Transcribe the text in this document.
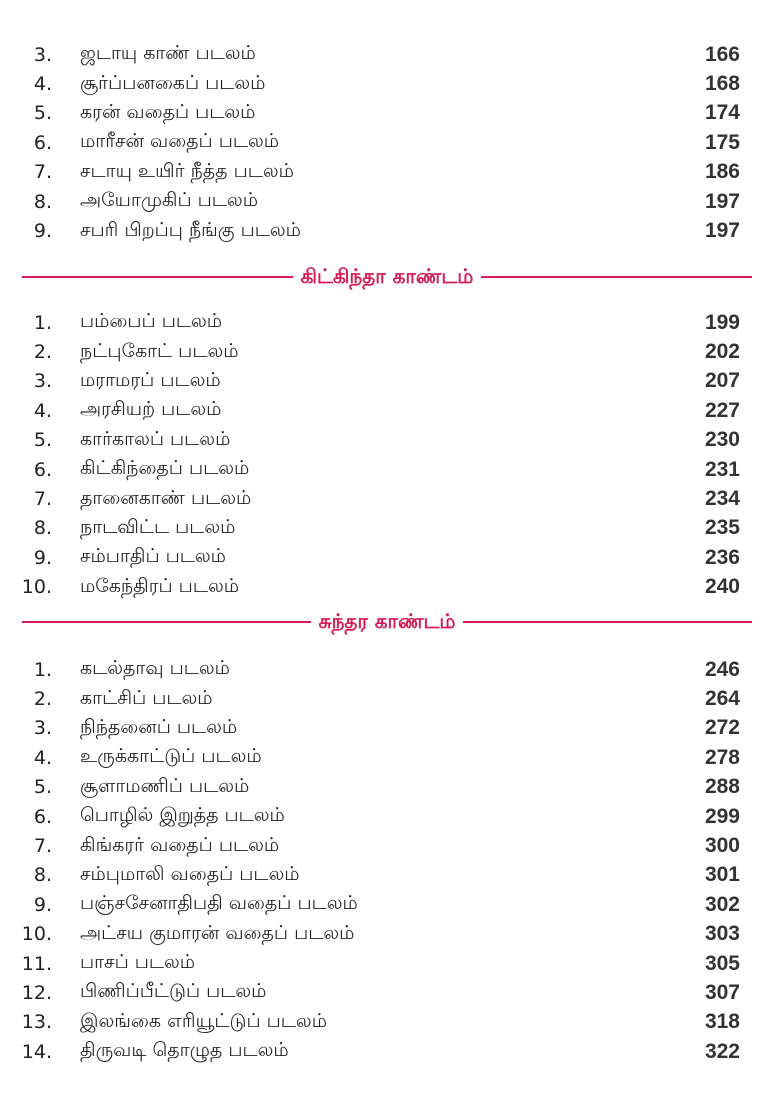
3. ஜடாயு காண் படலம்	166
4. சூர்ப்பனகைப் படலம்	168
5. கரன் வதைப் படலம்	174
6. மாரீசன் வதைப் படலம்	175
7. சடாயு உயிர் நீத்த படலம்	186
8. அயோமுகிப் படலம்	197
9. சபரி பிறப்பு நீங்கு படலம்	197
கிட்கிந்தா காண்டம்
1. பம்பைப் படலம்	199
2. நட்புகோட் படலம்	202
3. மராமரப் படலம்	207
4. அரசியற் படலம்	227
5. கார்காலப் படலம்	230
6. கிட்கிந்தைப் படலம்	231
7. தானைகாண் படலம்	234
8. நாடவிட்ட படலம்	235
9. சம்பாதிப் படலம்	236
10. மகேந்திரப் படலம்	240
சுந்தர காண்டம்
1. கடல்தாவு படலம்	246
2. காட்சிப் படலம்	264
3. நிந்தனைப் படலம்	272
4. உருக்காட்டுப் படலம்	278
5. சூளாமணிப் படலம்	288
6. பொழில் இறுத்த படலம்	299
7. கிங்கரர் வதைப் படலம்	300
8. சம்புமாலி வதைப் படலம்	301
9. பஞ்சசேனாதிபதி வதைப் படலம்	302
10. அட்சய குமாரன் வதைப் படலம்	303
11. பாசப் படலம்	305
12. பிணிப்பீட்டுப் படலம்	307
13. இலங்கை எரியூட்டுப் படலம்	318
14. திருவடி தொழுத படலம்	322
